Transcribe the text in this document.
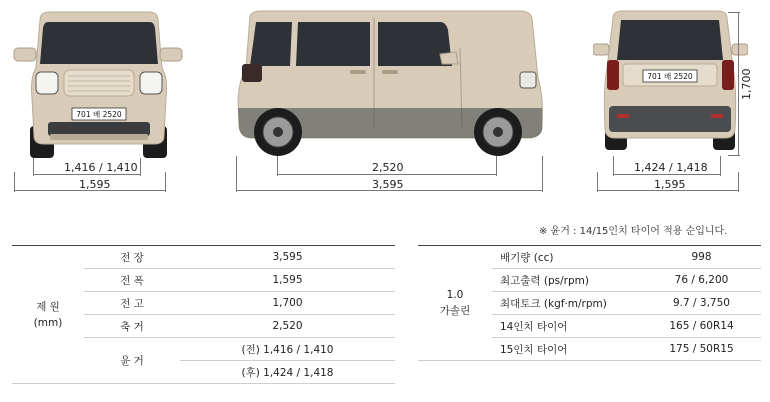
701 배 2520
701 배 2520
1,416 / 1,410
1,595
2,520
3,595
1,424 / 1,418
1,595
1,700
※ 윤거 : 14/15인치 타이어 적용 순입니다.
제 원
(mm)	전 장	3,595
	전 폭	1,595
	전 고	1,700
	축 거	2,520
	윤 거	(전) 1,416 / 1,410
		(후) 1,424 / 1,418
1.0
가솔린	배기량 (cc)	998
	최고출력 (ps/rpm)	76 / 6,200
	최대토크 (kgf·m/rpm)	9.7 / 3,750
	14인치 타이어	165 / 60R14
	15인치 타이어	175 / 50R15
